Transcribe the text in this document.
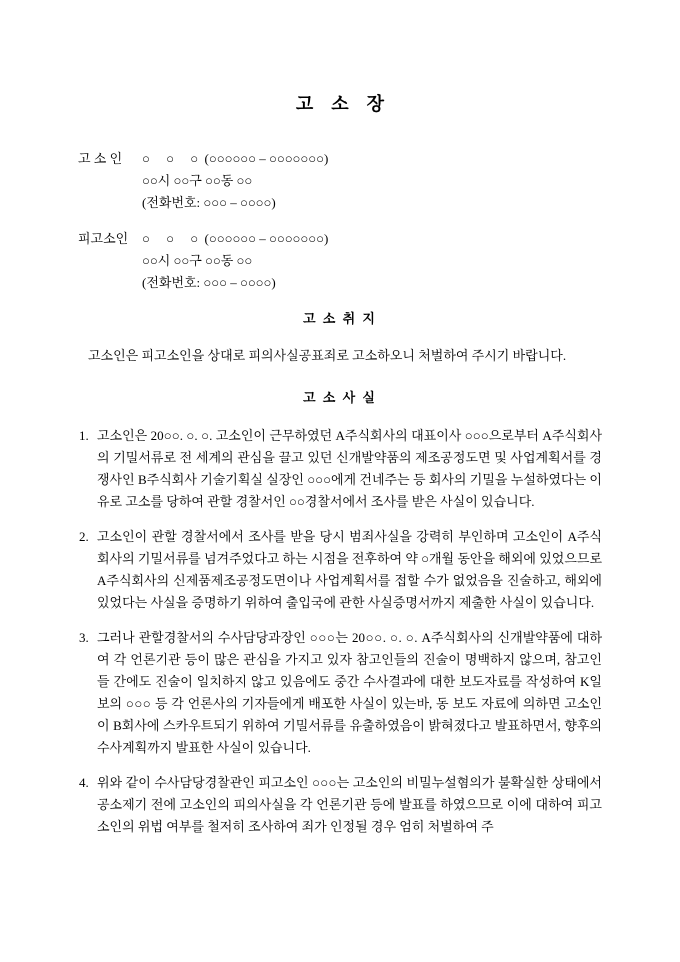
고    소    장
고 소 인	○     ○     ○  (○○○○○○ – ○○○○○○○)
○○시 ○○구 ○○동 ○○
(전화번호: ○○○ – ○○○○)
피고소인	○     ○     ○  (○○○○○○ – ○○○○○○○)
○○시 ○○구 ○○동 ○○
(전화번호: ○○○ – ○○○○)
고 소 취 지

고소인은 피고소인을 상대로 피의사실공표죄로 고소하오니 처벌하여 주시기 바랍니다.

고 소 사 실
1. 고소인은 20○○. ○. ○. 고소인이 근무하였던 A주식회사의 대표이사 ○○○으로부터 A주식회사의 기밀서류로 전 세계의 관심을 끌고 있던 신개발약품의 제조공정도면 및 사업계획서를 경쟁사인 B주식회사 기술기획실 실장인 ○○○에게 건네주는 등 회사의 기밀을 누설하였다는 이유로 고소를 당하여 관할 경찰서인 ○○경찰서에서 조사를 받은 사실이 있습니다.
2. 고소인이 관할 경찰서에서 조사를 받을 당시 범죄사실을 강력히 부인하며 고소인이 A주식회사의 기밀서류를 넘겨주었다고 하는 시점을 전후하여 약 ○개월 동안을 해외에 있었으므로 A주식회사의 신제품제조공정도면이나 사업계획서를 접할 수가 없었음을 진술하고, 해외에 있었다는 사실을 증명하기 위하여 출입국에 관한 사실증명서까지 제출한 사실이 있습니다.
3. 그러나 관할경찰서의 수사담당과장인 ○○○는 20○○. ○. ○. A주식회사의 신개발약품에 대하여 각 언론기관 등이 많은 관심을 가지고 있자 참고인들의 진술이 명백하지 않으며, 참고인들 간에도 진술이 일치하지 않고 있음에도 중간 수사결과에 대한 보도자료를 작성하여 K일보의 ○○○ 등 각 언론사의 기자들에게 배포한 사실이 있는바, 동 보도 자료에 의하면 고소인이 B회사에 스카우트되기 위하여 기밀서류를 유출하였음이 밝혀졌다고 발표하면서, 향후의 수사계획까지 발표한 사실이 있습니다.
4. 위와 같이 수사담당경찰관인 피고소인 ○○○는 고소인의 비밀누설혐의가 불확실한 상태에서 공소제기 전에 고소인의 피의사실을 각 언론기관 등에 발표를 하였으므로 이에 대하여 피고소인의 위법 여부를 철저히 조사하여 죄가 인정될 경우 엄히 처벌하여 주
